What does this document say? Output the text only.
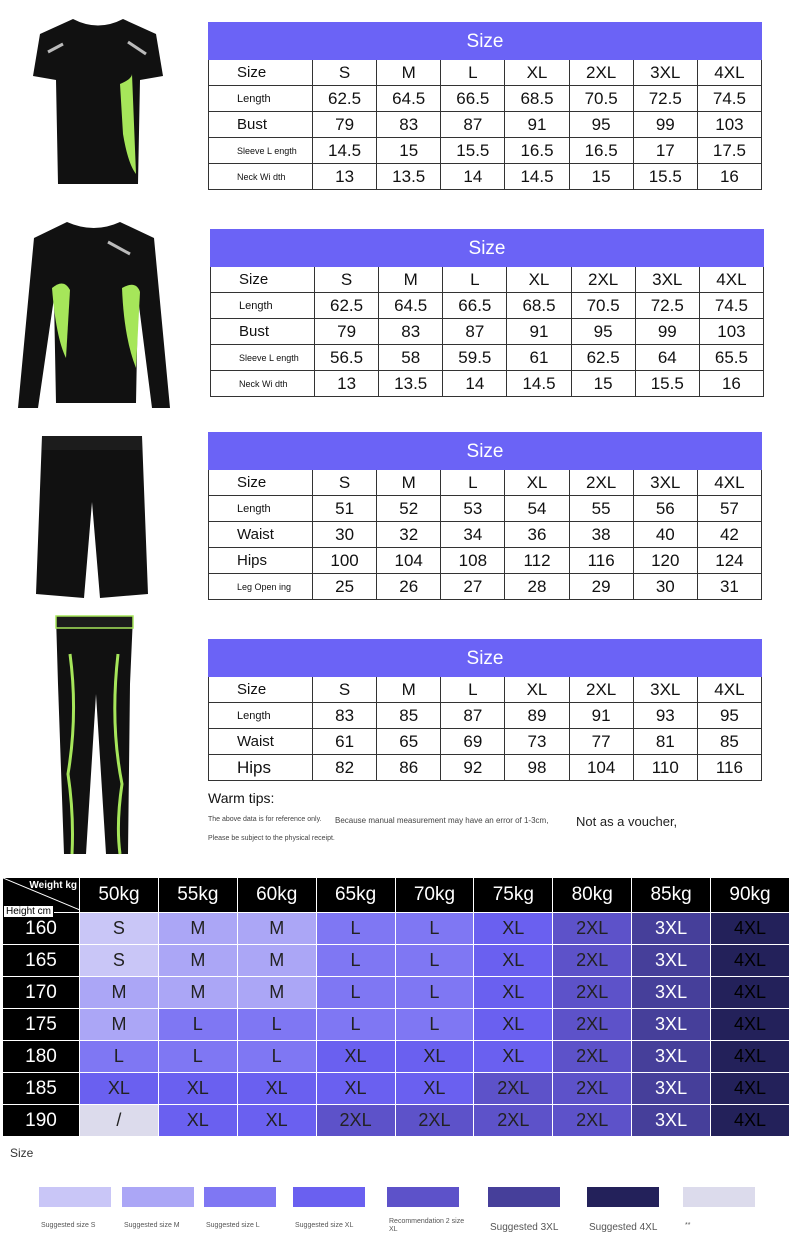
Size							
Size	S	M	L	XL	2XL	3XL	4XL
Length	62.5	64.5	66.5	68.5	70.5	72.5	74.5
Bust	79	83	87	91	95	99	103
Sleeve L ength	14.5	15	15.5	16.5	16.5	17	17.5
Neck Wi dth	13	13.5	14	14.5	15	15.5	16
Size							
Size	S	M	L	XL	2XL	3XL	4XL
Length	62.5	64.5	66.5	68.5	70.5	72.5	74.5
Bust	79	83	87	91	95	99	103
Sleeve L ength	56.5	58	59.5	61	62.5	64	65.5
Neck Wi dth	13	13.5	14	14.5	15	15.5	16
Size							
Size	S	M	L	XL	2XL	3XL	4XL
Length	51	52	53	54	55	56	57
Waist	30	32	34	36	38	40	42
Hips	100	104	108	112	116	120	124
Leg Open ing	25	26	27	28	29	30	31
Size							
Size	S	M	L	XL	2XL	3XL	4XL
Length	83	85	87	89	91	93	95
Waist	61	65	69	73	77	81	85
Hips	82	86	92	98	104	110	116
Warm tips:
The above data is for reference only. Because manual measurement may have an error of 1-3cm, Not as a voucher,
Please be subject to the physical receipt.
Weight kg
Height cm	50kg	55kg	60kg	65kg	70kg	75kg	80kg	85kg	90kg
160	S	M	M	L	L	XL	2XL	3XL	4XL
165	S	M	M	L	L	XL	2XL	3XL	4XL
170	M	M	M	L	L	XL	2XL	3XL	4XL
175	M	L	L	L	L	XL	2XL	3XL	4XL
180	L	L	L	XL	XL	XL	2XL	3XL	4XL
185	XL	XL	XL	XL	XL	2XL	2XL	3XL	4XL
190	/	XL	XL	2XL	2XL	2XL	2XL	3XL	4XL
Size
Suggested size S	Suggested size M	Suggested size L	Suggested size XL
Recommendation 2 size XL	Suggested 3XL	Suggested 4XL	**
